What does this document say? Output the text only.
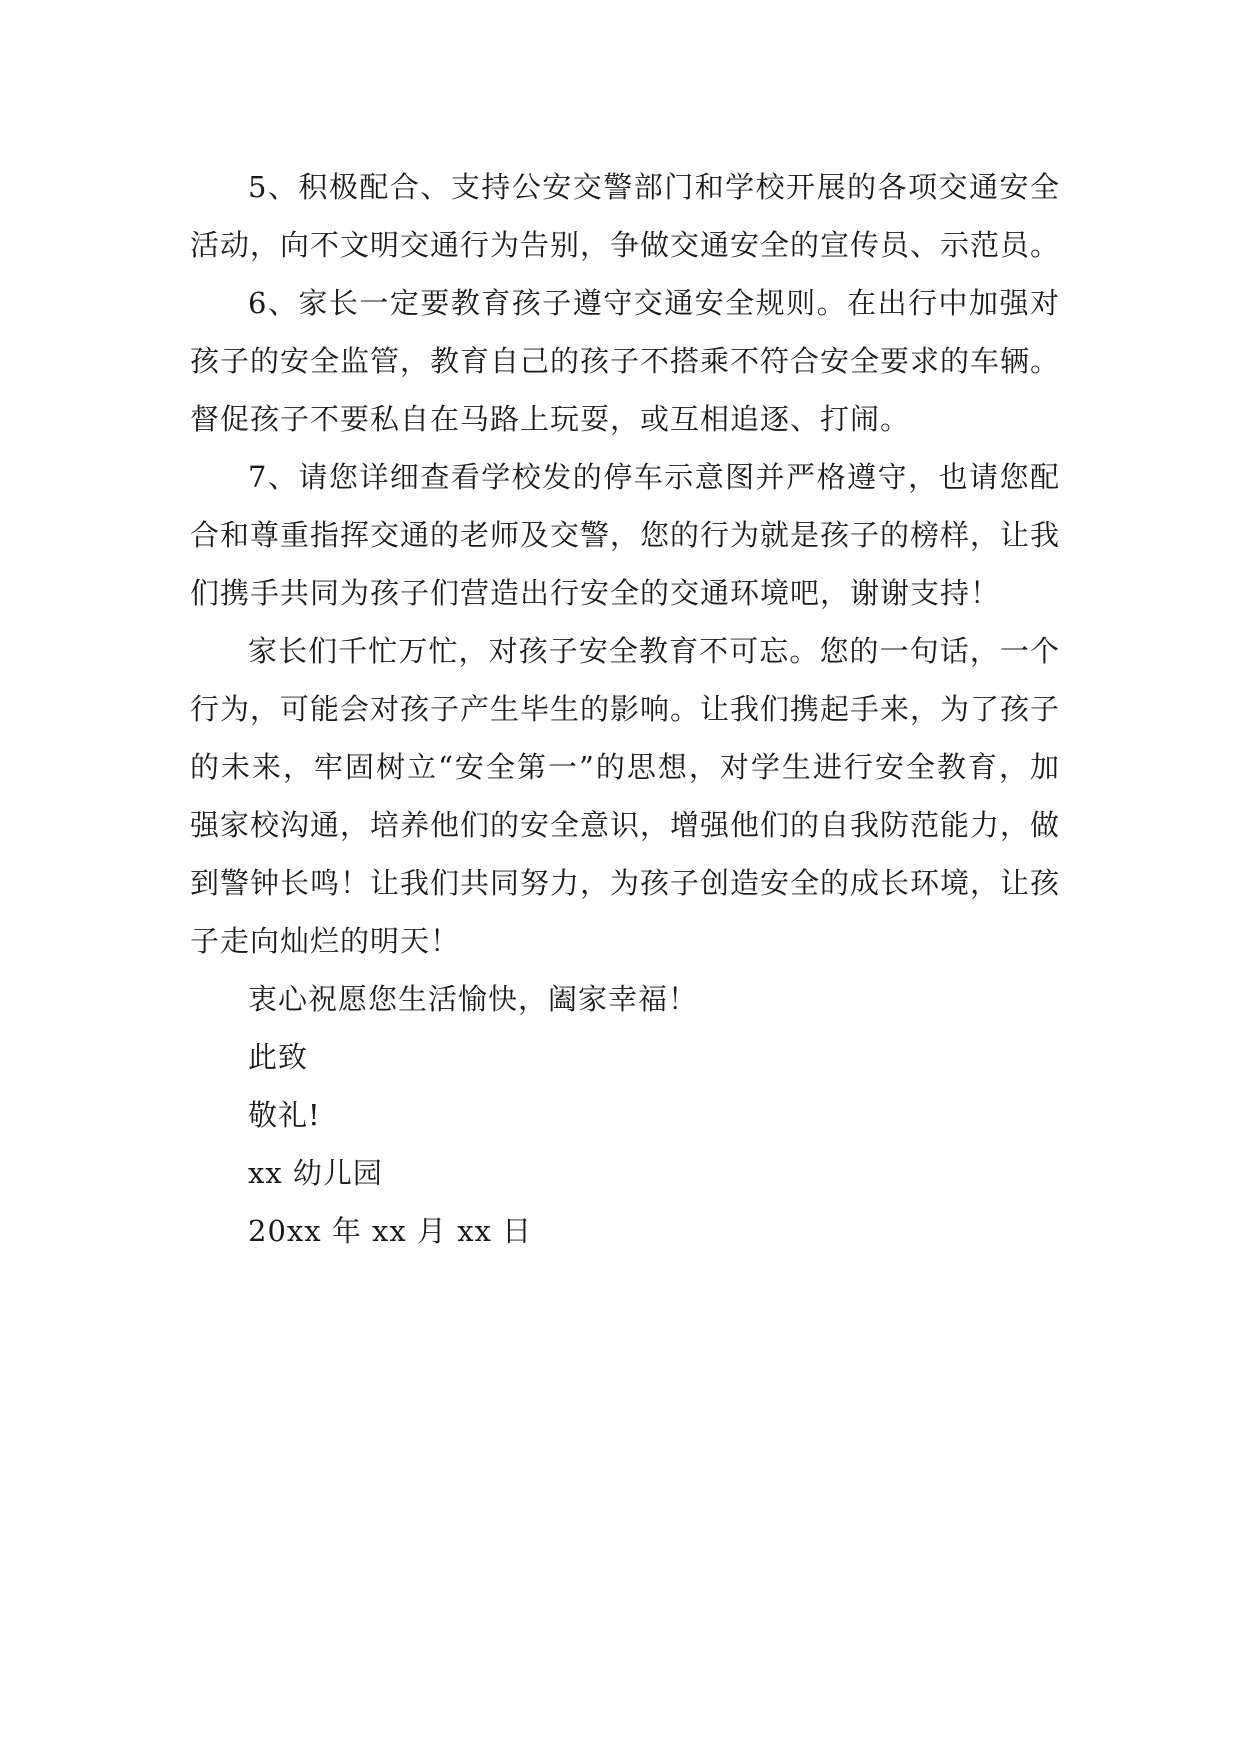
5、积极配合、支持公安交警部门和学校开展的各项交通安全活动，向不文明交通行为告别，争做交通安全的宣传员、示范员。

6、家长一定要教育孩子遵守交通安全规则。在出行中加强对孩子的安全监管，教育自己的孩子不搭乘不符合安全要求的车辆。督促孩子不要私自在马路上玩耍，或互相追逐、打闹。

7、请您详细查看学校发的停车示意图并严格遵守，也请您配合和尊重指挥交通的老师及交警，您的行为就是孩子的榜样，让我们携手共同为孩子们营造出行安全的交通环境吧，谢谢支持！

家长们千忙万忙，对孩子安全教育不可忘。您的一句话，一个行为，可能会对孩子产生毕生的影响。让我们携起手来，为了孩子的未来，牢固树立“安全第一”的思想，对学生进行安全教育，加强家校沟通，培养他们的安全意识，增强他们的自我防范能力，做到警钟长鸣！让我们共同努力，为孩子创造安全的成长环境，让孩子走向灿烂的明天！

衷心祝愿您生活愉快，阖家幸福！

此致

敬礼!

xx 幼儿园

20xx 年 xx 月 xx 日
